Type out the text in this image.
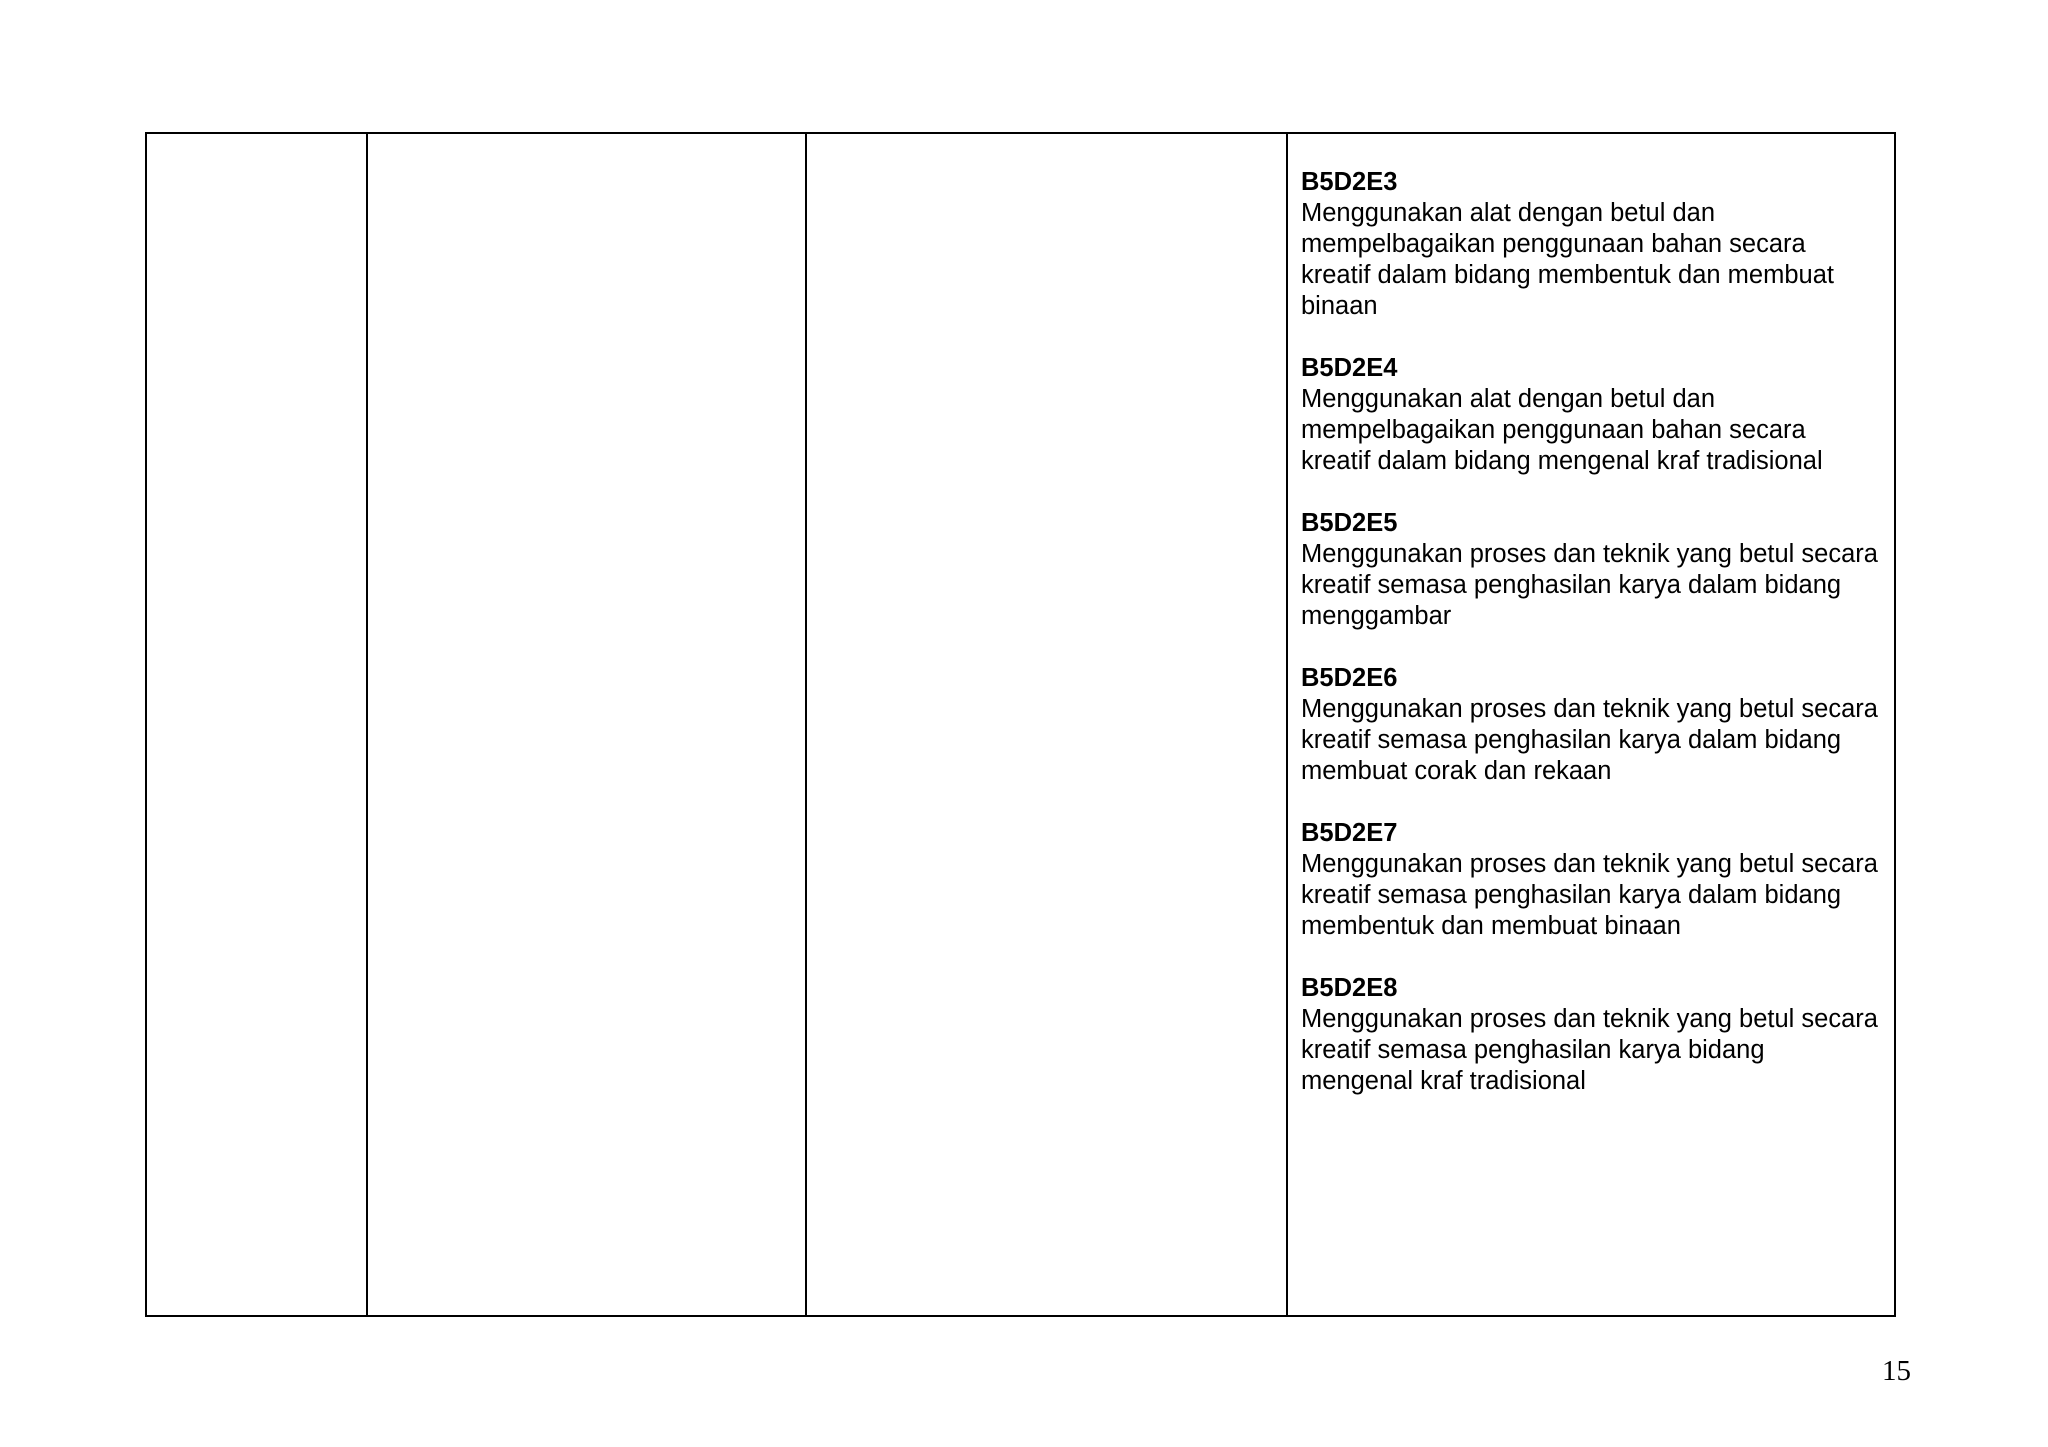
B5D2E3
Menggunakan alat dengan betul dan mempelbagaikan penggunaan bahan secara kreatif dalam bidang membentuk dan membuat binaan
B5D2E4
Menggunakan alat dengan betul dan mempelbagaikan penggunaan bahan secara kreatif dalam bidang mengenal kraf tradisional
B5D2E5
Menggunakan proses dan teknik yang betul secara kreatif semasa penghasilan karya dalam bidang menggambar
B5D2E6
Menggunakan proses dan teknik yang betul secara kreatif semasa penghasilan karya dalam bidang membuat corak dan rekaan
B5D2E7
Menggunakan proses dan teknik yang betul secara kreatif semasa penghasilan karya dalam bidang membentuk dan membuat binaan
B5D2E8
Menggunakan proses dan teknik yang betul secara kreatif semasa penghasilan karya bidang mengenal kraf tradisional
15
